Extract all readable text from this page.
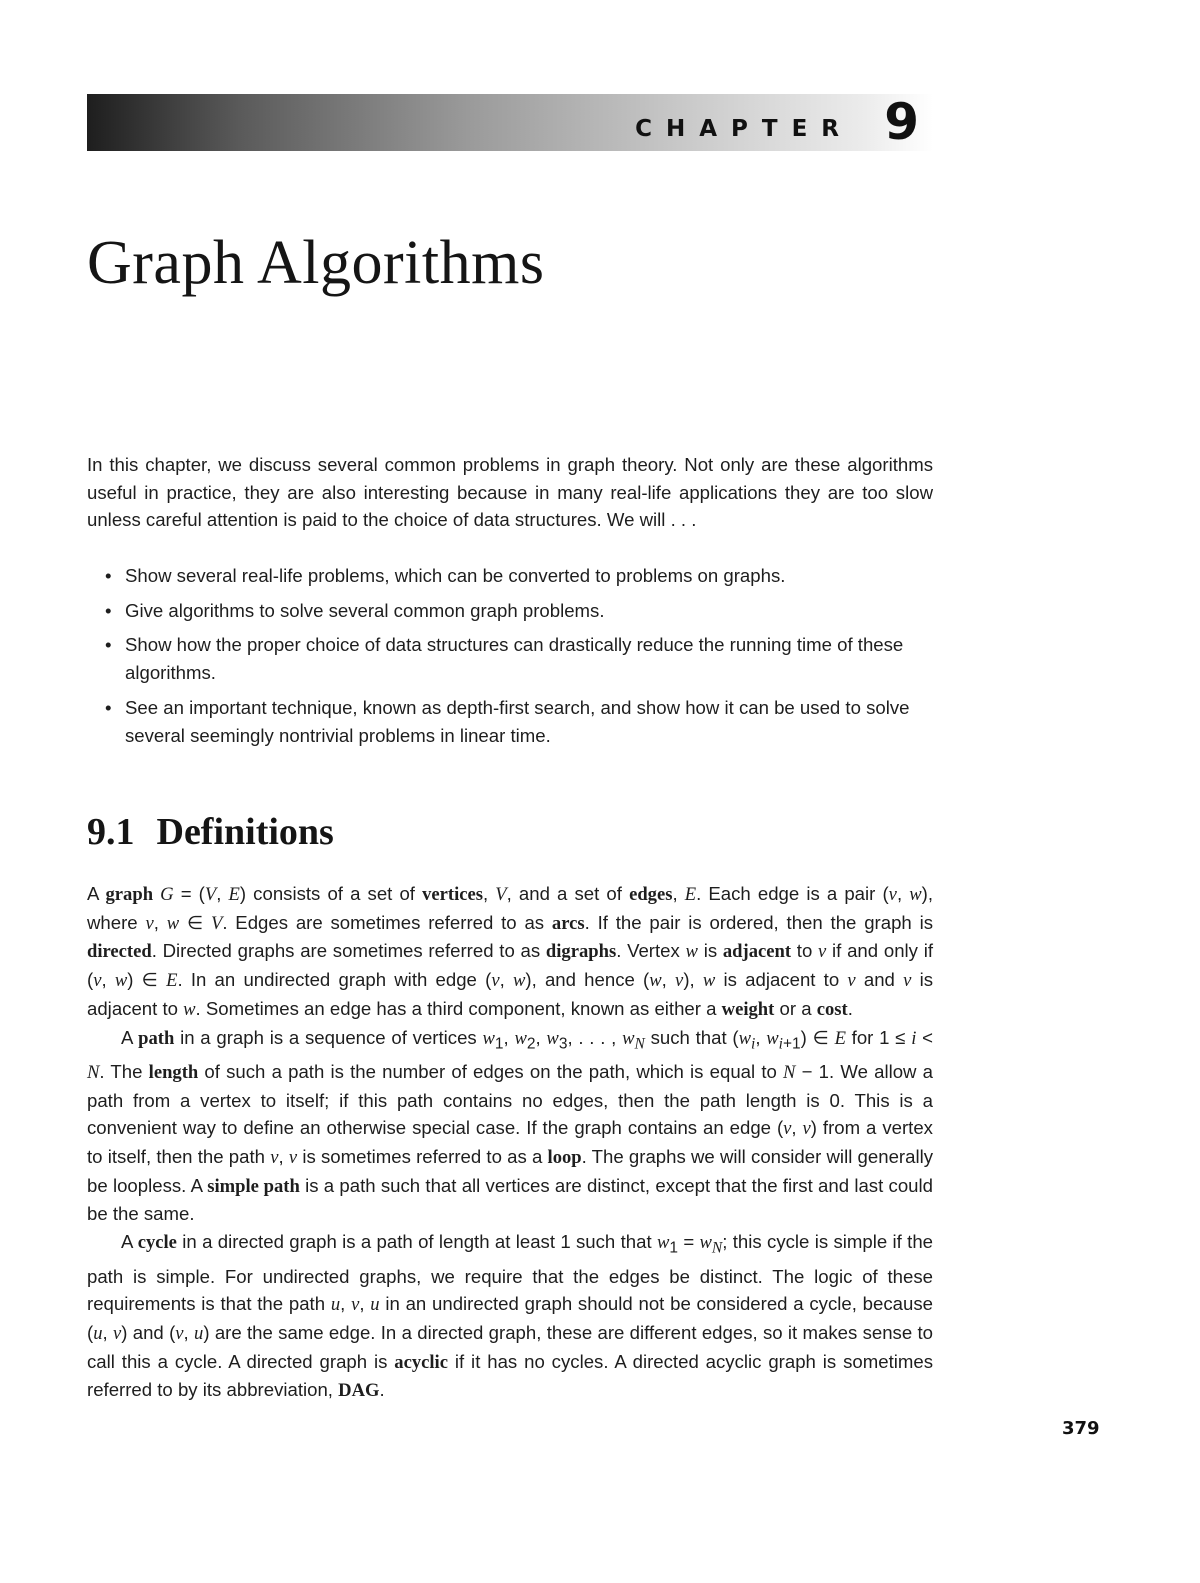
CHAPTER 9
Graph Algorithms

In this chapter, we discuss several common problems in graph theory. Not only are these algorithms useful in practice, they are also interesting because in many real-life applications they are too slow unless careful attention is paid to the choice of data structures. We will . . .

• Show several real-life problems, which can be converted to problems on graphs.
• Give algorithms to solve several common graph problems.
• Show how the proper choice of data structures can drastically reduce the running time of these algorithms.
• See an important technique, known as depth-first search, and show how it can be used to solve several seemingly nontrivial problems in linear time.
9.1 Definitions

A graph G = (V, E) consists of a set of vertices, V, and a set of edges, E. Each edge is a pair (v, w), where v, w ∈ V. Edges are sometimes referred to as arcs. If the pair is ordered, then the graph is directed. Directed graphs are sometimes referred to as digraphs. Vertex w is adjacent to v if and only if (v, w) ∈ E. In an undirected graph with edge (v, w), and hence (w, v), w is adjacent to v and v is adjacent to w. Sometimes an edge has a third component, known as either a weight or a cost.

A path in a graph is a sequence of vertices $w_1$, $w_2$, $w_3$, . . . , $w_N$ such that ($w_i$, $w_{i+1}$) ∈ E for 1 ≤ i < N. The length of such a path is the number of edges on the path, which is equal to N − 1. We allow a path from a vertex to itself; if this path contains no edges, then the path length is 0. This is a convenient way to define an otherwise special case. If the graph contains an edge (v, v) from a vertex to itself, then the path v, v is sometimes referred to as a loop. The graphs we will consider will generally be loopless. A simple path is a path such that all vertices are distinct, except that the first and last could be the same.

A cycle in a directed graph is a path of length at least 1 such that $w_1 = w_N$; this cycle is simple if the path is simple. For undirected graphs, we require that the edges be distinct. The logic of these requirements is that the path u, v, u in an undirected graph should not be considered a cycle, because (u, v) and (v, u) are the same edge. In a directed graph, these are different edges, so it makes sense to call this a cycle. A directed graph is acyclic if it has no cycles. A directed acyclic graph is sometimes referred to by its abbreviation, DAG.

379
